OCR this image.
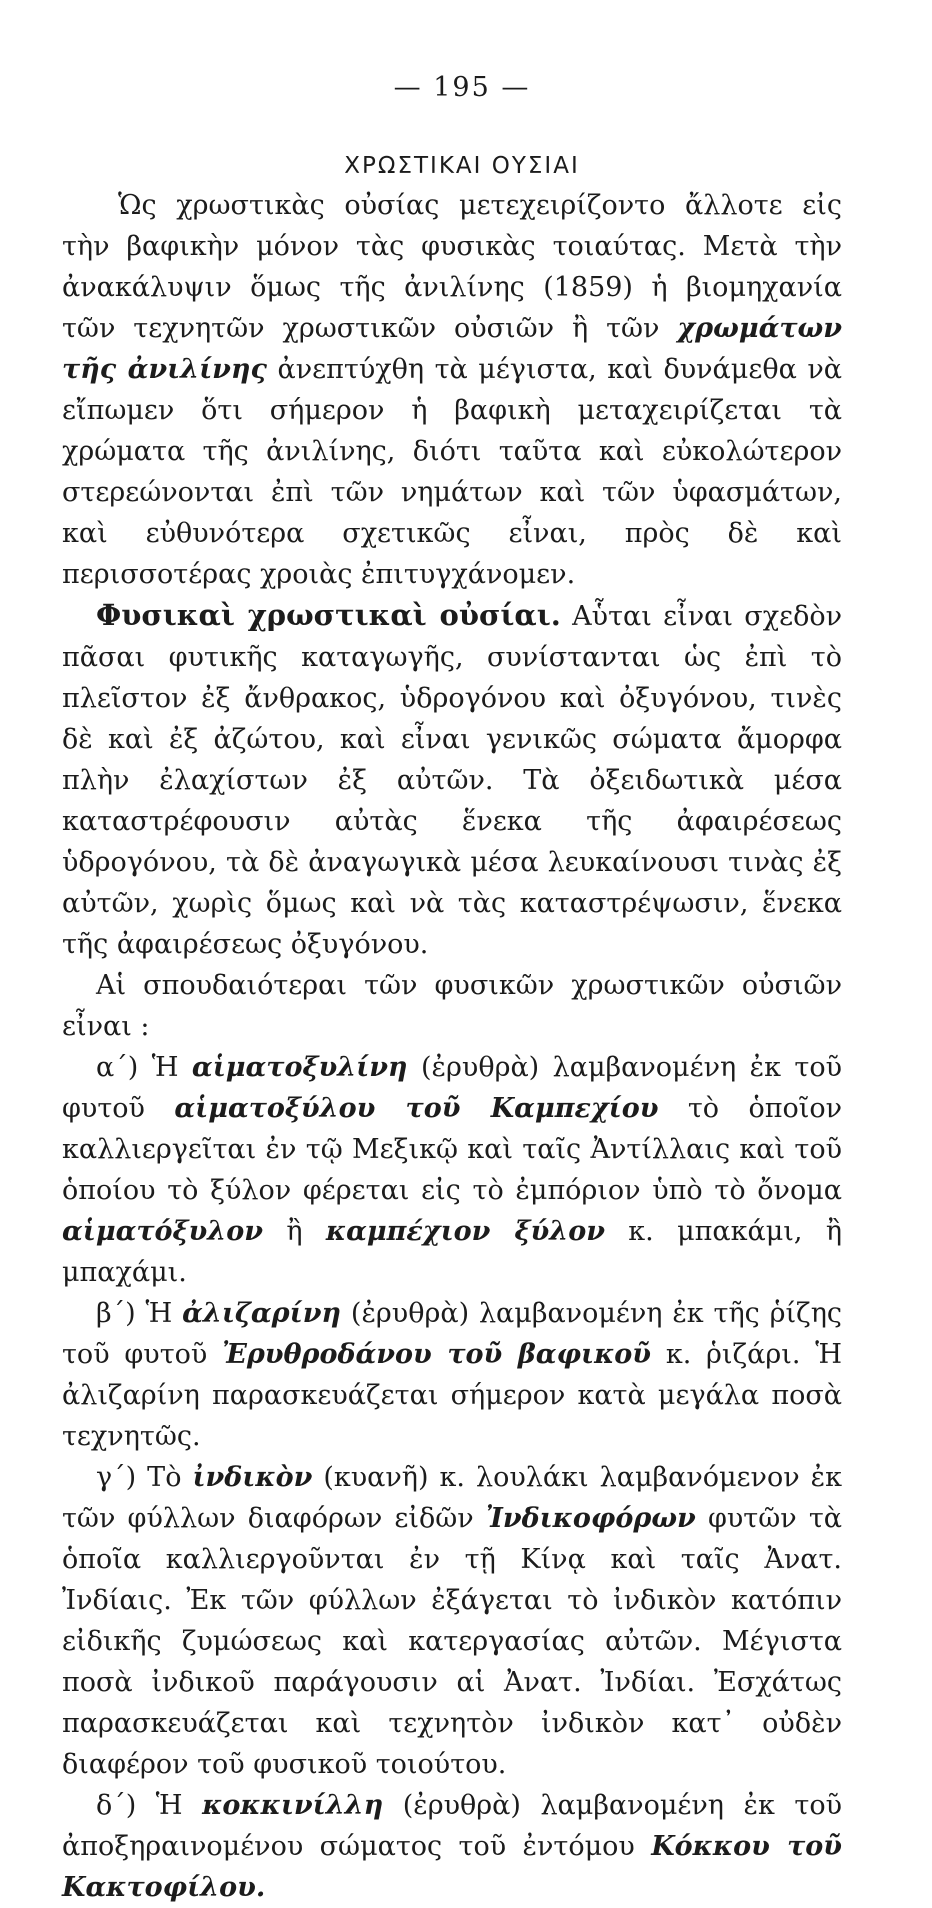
— 195 —
ΧΡΩΣΤΙΚΑΙ ΟΥΣΙΑΙ

Ὡς χρωστικὰς οὐσίας μετεχειρίζοντο ἄλλοτε εἰς τὴν βαφικὴν μόνον τὰς φυσικὰς τοιαύτας. Μετὰ τὴν ἀνακάλυψιν ὅμως τῆς ἀνιλίνης (1859) ἡ βιομηχανία τῶν τεχνητῶν χρωστικῶν οὐσιῶν ἢ τῶν χρωμάτων τῆς ἀνιλίνης ἀνεπτύχθη τὰ μέγιστα, καὶ δυνάμεθα νὰ εἴπωμεν ὅτι σήμερον ἡ βαφικὴ μεταχειρίζεται τὰ χρώματα τῆς ἀνιλίνης, διότι ταῦτα καὶ εὐκολώτερον στερεώνονται ἐπὶ τῶν νημάτων καὶ τῶν ὑφασμάτων, καὶ εὐθυνότερα σχετικῶς εἶναι, πρὸς δὲ καὶ περισσοτέρας χροιὰς ἐπιτυγχάνομεν.

Φυσικαὶ χρωστικαὶ οὐσίαι. Αὗται εἶναι σχεδὸν πᾶσαι φυτικῆς καταγωγῆς, συνίστανται ὡς ἐπὶ τὸ πλεῖστον ἐξ ἄνθρακος, ὑδρογόνου καὶ ὀξυγόνου, τινὲς δὲ καὶ ἐξ ἀζώτου, καὶ εἶναι γενικῶς σώματα ἄμορφα πλὴν ἐλαχίστων ἐξ αὐτῶν. Τὰ ὀξειδωτικὰ μέσα καταστρέφουσιν αὐτὰς ἕνεκα τῆς ἀφαιρέσεως ὑδρογόνου, τὰ δὲ ἀναγωγικὰ μέσα λευκαίνουσι τινὰς ἐξ αὐτῶν, χωρὶς ὅμως καὶ νὰ τὰς καταστρέψωσιν, ἕνεκα τῆς ἀφαιρέσεως ὀξυγόνου.

Αἱ σπουδαιότεραι τῶν φυσικῶν χρωστικῶν οὐσιῶν εἶναι :

α΄) Ἡ αἱματοξυλίνη (ἐρυθρὰ) λαμβανομένη ἐκ τοῦ φυτοῦ αἱματοξύλου τοῦ Καμπεχίου τὸ ὁποῖον καλλιεργεῖται ἐν τῷ Μεξικῷ καὶ ταῖς Ἀντίλλαις καὶ τοῦ ὁποίου τὸ ξύλον φέρεται εἰς τὸ ἐμπόριον ὑπὸ τὸ ὄνομα αἱματόξυλον ἢ καμπέχιον ξύλον κ. μπακάμι, ἢ μπαχάμι.

β΄) Ἡ ἀλιζαρίνη (ἐρυθρὰ) λαμβανομένη ἐκ τῆς ῥίζης τοῦ φυτοῦ Ἐρυθροδάνου τοῦ βαφικοῦ κ. ῥιζάρι. Ἡ ἀλιζαρίνη παρασκευάζεται σήμερον κατὰ μεγάλα ποσὰ τεχνητῶς.

γ΄) Τὸ ἰνδικὸν (κυανῆ) κ. λουλάκι λαμβανόμενον ἐκ τῶν φύλλων διαφόρων εἰδῶν Ἰνδικοφόρων φυτῶν τὰ ὁποῖα καλλιεργοῦνται ἐν τῇ Κίνᾳ καὶ ταῖς Ἀνατ. Ἰνδίαις. Ἐκ τῶν φύλλων ἐξάγεται τὸ ἰνδικὸν κατόπιν εἰδικῆς ζυμώσεως καὶ κατεργασίας αὐτῶν. Μέγιστα ποσὰ ἰνδικοῦ παράγουσιν αἱ Ἀνατ. Ἰνδίαι. Ἐσχάτως παρασκευάζεται καὶ τεχνητὸν ἰνδικὸν κατ᾽ οὐδὲν διαφέρον τοῦ φυσικοῦ τοιούτου.

δ΄) Ἡ κοκκινίλλη (ἐρυθρὰ) λαμβανομένη ἐκ τοῦ ἀποξηραινομένου σώματος τοῦ ἐντόμου Κόκκου τοῦ Κακτοφίλου.
